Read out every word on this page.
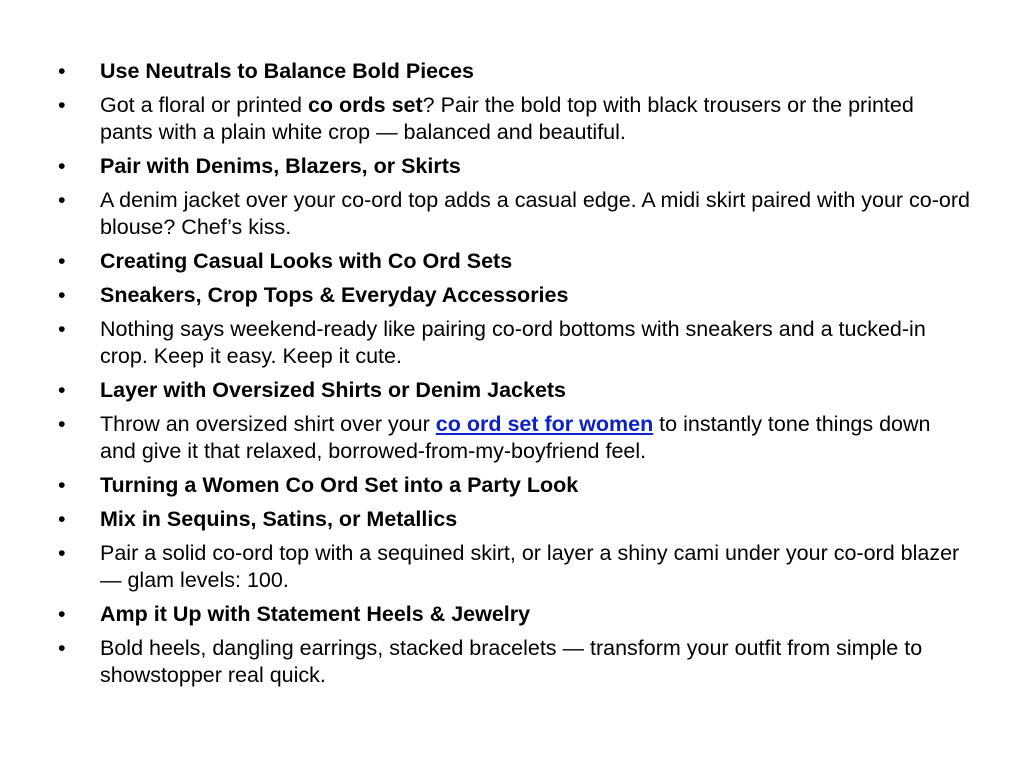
•	Use Neutrals to Balance Bold Pieces
•	Got a floral or printed co ords set? Pair the bold top with black trousers or the printed pants with a plain white crop — balanced and beautiful.
•	Pair with Denims, Blazers, or Skirts
•	A denim jacket over your co-ord top adds a casual edge. A midi skirt paired with your co-ord blouse? Chef’s kiss.
•	Creating Casual Looks with Co Ord Sets
•	Sneakers, Crop Tops & Everyday Accessories
•	Nothing says weekend-ready like pairing co-ord bottoms with sneakers and a tucked-in crop. Keep it easy. Keep it cute.
•	Layer with Oversized Shirts or Denim Jackets
•	Throw an oversized shirt over your co ord set for women to instantly tone things down and give it that relaxed, borrowed-from-my-boyfriend feel.
•	Turning a Women Co Ord Set into a Party Look
•	Mix in Sequins, Satins, or Metallics
•	Pair a solid co-ord top with a sequined skirt, or layer a shiny cami under your co-ord blazer — glam levels: 100.
•	Amp it Up with Statement Heels & Jewelry
•	Bold heels, dangling earrings, stacked bracelets — transform your outfit from simple to showstopper real quick.
